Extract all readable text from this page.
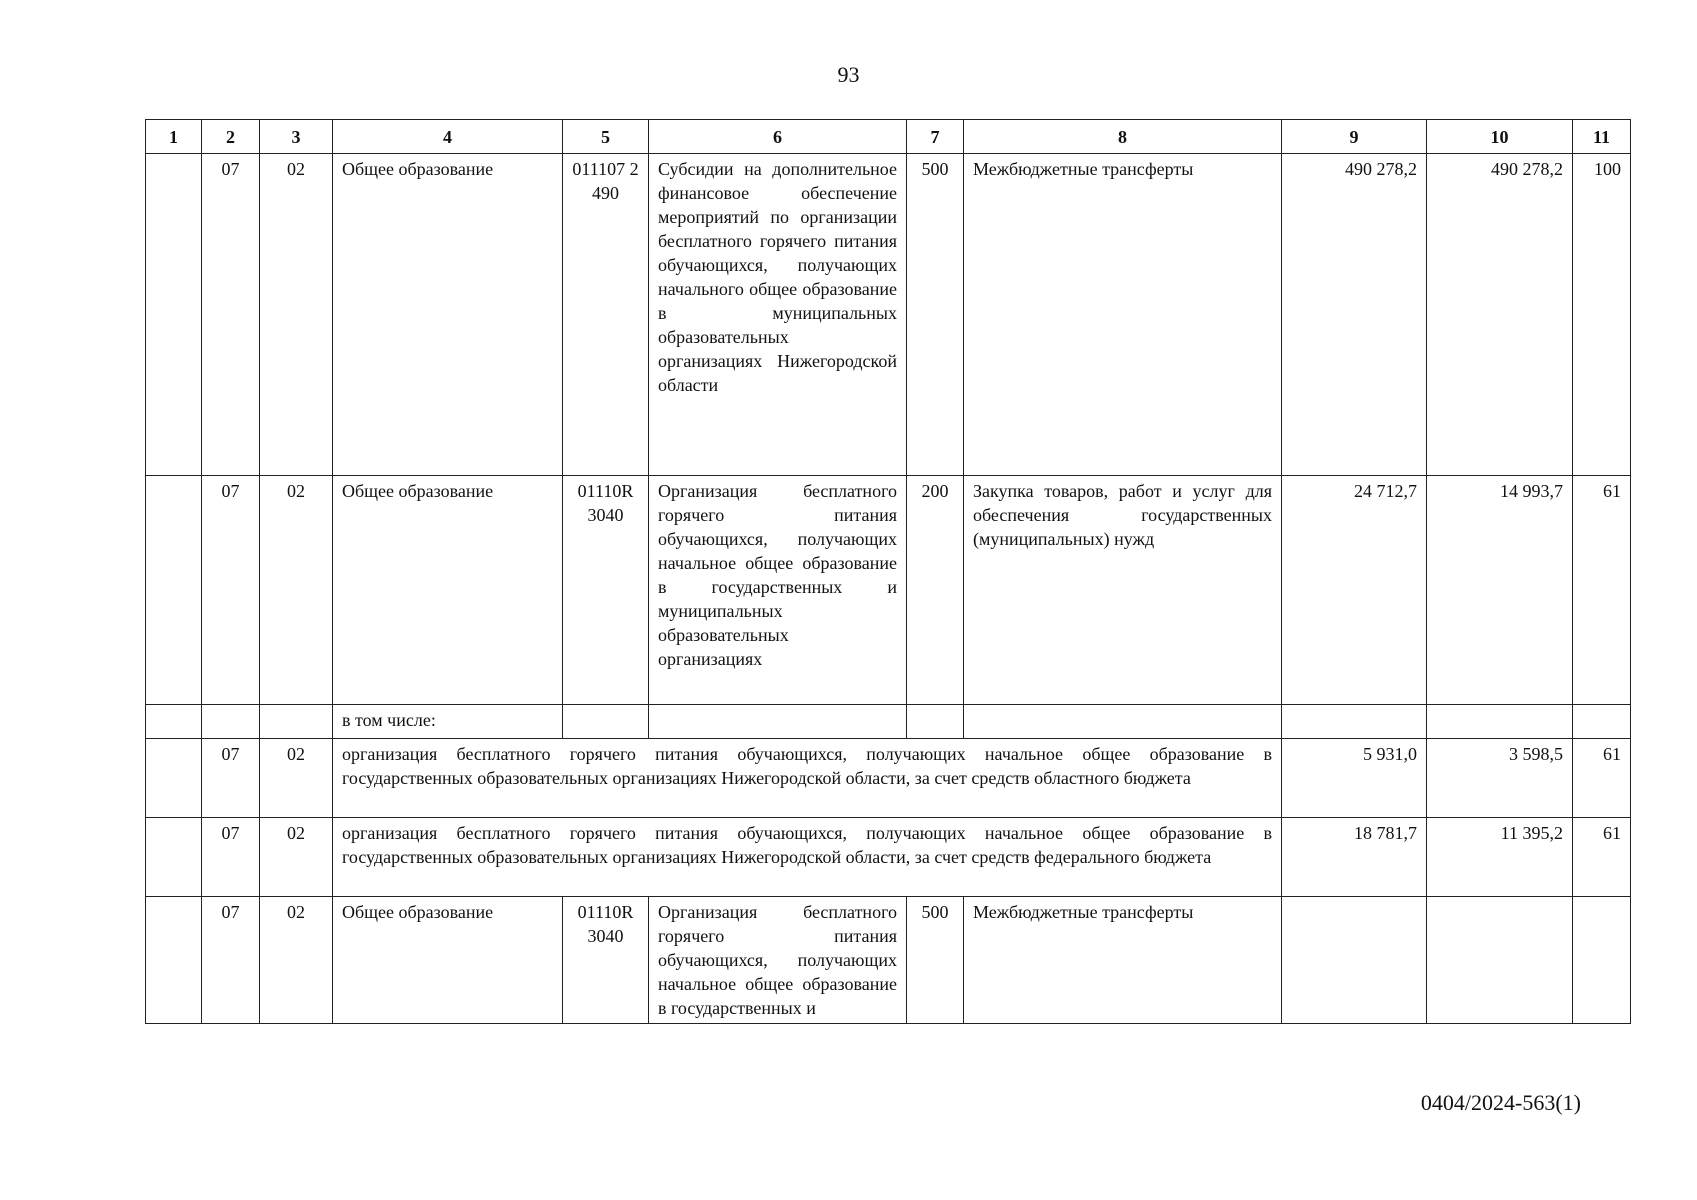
93
1	2	3	4	5	6	7	8	9	10	11
	07	02	Общее образование	011107 2490	Субсидии на дополнительное финансовое обеспечение мероприятий по организации бесплатного горячего питания обучающихся, получающих начального общее образование в муниципальных образовательных организациях Нижегородской области	500	Межбюджетные трансферты	490 278,2	490 278,2	100
	07	02	Общее образование	01110R 3040	Организация бесплатного горячего питания обучающихся, получающих начальное общее образование в государственных и муниципальных образовательных организациях	200	Закупка товаров, работ и услуг для обеспечения государственных (муниципальных) нужд	24 712,7	14 993,7	61
			в том числе:							
	07	02	организация бесплатного горячего питания обучающихся, получающих начальное общее образование в государственных образовательных организациях Нижегородской области, за счет средств областного бюджета					5 931,0	3 598,5	61
	07	02	организация бесплатного горячего питания обучающихся, получающих начальное общее образование в государственных образовательных организациях Нижегородской области, за счет средств федерального бюджета					18 781,7	11 395,2	61
	07	02	Общее образование	01110R 3040	Организация бесплатного горячего питания обучающихся, получающих начальное общее образование в государственных и	500	Межбюджетные трансферты			
0404/2024-563(1)
